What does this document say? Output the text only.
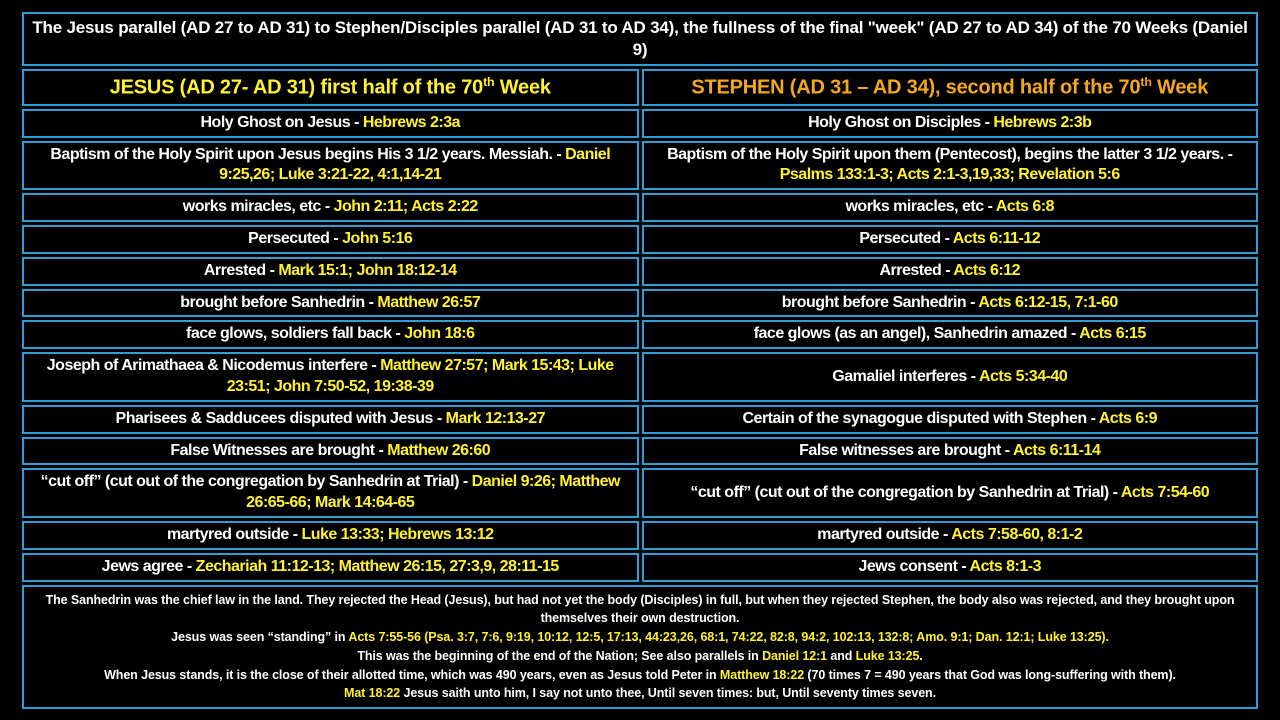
The Jesus parallel (AD 27 to AD 31) to Stephen/Disciples parallel (AD 31 to AD 34), the fullness of the final "week" (AD 27 to AD 34) of the 70 Weeks (Daniel 9)
JESUS (AD 27- AD 31) first half of the 70th Week	STEPHEN (AD 31 – AD 34), second half of the 70th Week
Holy Ghost on Jesus - Hebrews 2:3a	Holy Ghost on Disciples - Hebrews 2:3b
Baptism of the Holy Spirit upon Jesus begins His 3 1/2 years. Messiah. - Daniel 9:25,26; Luke 3:21-22, 4:1,14-21	Baptism of the Holy Spirit upon them (Pentecost), begins the latter 3 1/2 years. - Psalms 133:1-3; Acts 2:1-3,19,33; Revelation 5:6
works miracles, etc - John 2:11; Acts 2:22	works miracles, etc - Acts 6:8
Persecuted - John 5:16	Persecuted - Acts 6:11-12
Arrested - Mark 15:1; John 18:12-14	Arrested - Acts 6:12
brought before Sanhedrin - Matthew 26:57	brought before Sanhedrin - Acts 6:12-15, 7:1-60
face glows, soldiers fall back - John 18:6	face glows (as an angel), Sanhedrin amazed - Acts 6:15
Joseph of Arimathaea & Nicodemus interfere - Matthew 27:57; Mark 15:43; Luke 23:51; John 7:50-52, 19:38-39	Gamaliel interferes - Acts 5:34-40
Pharisees & Sadducees disputed with Jesus - Mark 12:13-27	Certain of the synagogue disputed with Stephen - Acts 6:9
False Witnesses are brought - Matthew 26:60	False witnesses are brought - Acts 6:11-14
“cut off” (cut out of the congregation by Sanhedrin at Trial) - Daniel 9:26; Matthew 26:65-66; Mark 14:64-65	“cut off” (cut out of the congregation by Sanhedrin at Trial) - Acts 7:54-60
martyred outside - Luke 13:33; Hebrews 13:12	martyred outside - Acts 7:58-60, 8:1-2
Jews agree - Zechariah 11:12-13; Matthew 26:15, 27:3,9, 28:11-15	Jews consent - Acts 8:1-3
The Sanhedrin was the chief law in the land. They rejected the Head (Jesus), but had not yet the body (Disciples) in full, but when they rejected Stephen, the body also was rejected, and they brought upon themselves their own destruction.
Jesus was seen “standing” in Acts 7:55-56 (Psa. 3:7, 7:6, 9:19, 10:12, 12:5, 17:13, 44:23,26, 68:1, 74:22, 82:8, 94:2, 102:13, 132:8; Amo. 9:1; Dan. 12:1; Luke 13:25).
This was the beginning of the end of the Nation; See also parallels in Daniel 12:1 and Luke 13:25.
When Jesus stands, it is the close of their allotted time, which was 490 years, even as Jesus told Peter in Matthew 18:22 (70 times 7 = 490 years that God was long-suffering with them).
Mat 18:22 Jesus saith unto him, I say not unto thee, Until seven times: but, Until seventy times seven.
